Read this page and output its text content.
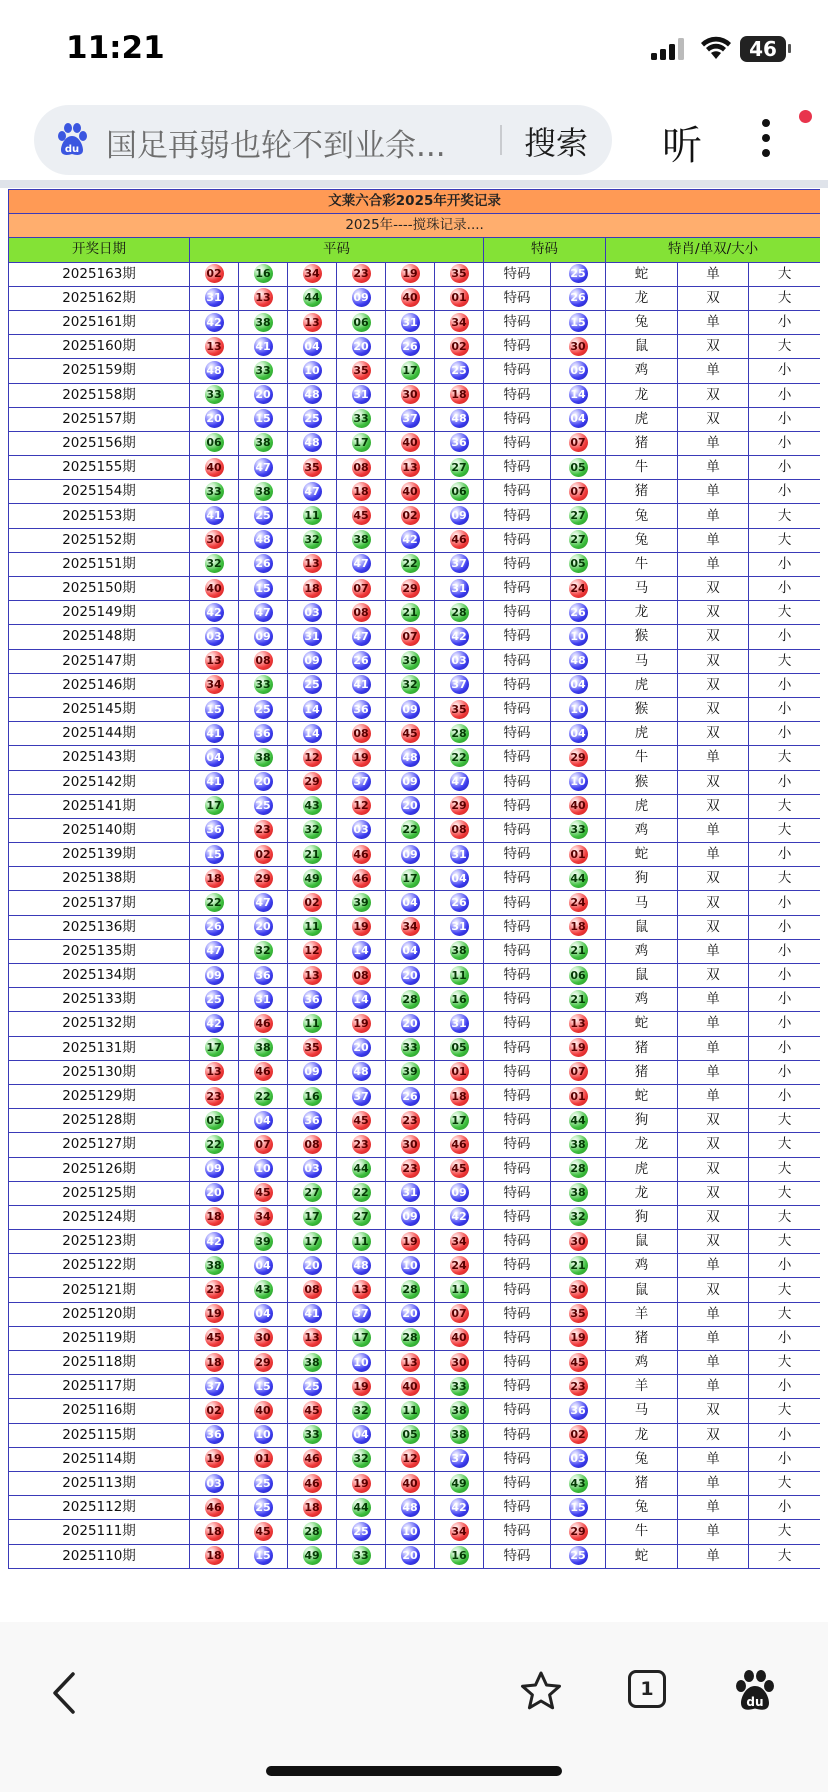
11:21	46
du 国足再弱也轮不到业余... 搜索 听
文莱六合彩2025年开奖记录											
2025年----搅珠记录....											
开奖日期	平码						特码		特肖/单双/大小		
2025163期	02	16	34	23	19	35	特码	25	蛇	单	大
2025162期	31	13	44	09	40	01	特码	26	龙	双	大
2025161期	42	38	13	06	31	34	特码	15	兔	单	小
2025160期	13	41	04	20	26	02	特码	30	鼠	双	大
2025159期	48	33	10	35	17	25	特码	09	鸡	单	小
2025158期	33	20	48	31	30	18	特码	14	龙	双	小
2025157期	20	15	25	33	37	48	特码	04	虎	双	小
2025156期	06	38	48	17	40	36	特码	07	猪	单	小
2025155期	40	47	35	08	13	27	特码	05	牛	单	小
2025154期	33	38	47	18	40	06	特码	07	猪	单	小
2025153期	41	25	11	45	02	09	特码	27	兔	单	大
2025152期	30	48	32	38	42	46	特码	27	兔	单	大
2025151期	32	26	13	47	22	37	特码	05	牛	单	小
2025150期	40	15	18	07	29	31	特码	24	马	双	小
2025149期	42	47	03	08	21	28	特码	26	龙	双	大
2025148期	03	09	31	47	07	42	特码	10	猴	双	小
2025147期	13	08	09	26	39	03	特码	48	马	双	大
2025146期	34	33	25	41	32	37	特码	04	虎	双	小
2025145期	15	25	14	36	09	35	特码	10	猴	双	小
2025144期	41	36	14	08	45	28	特码	04	虎	双	小
2025143期	04	38	12	19	48	22	特码	29	牛	单	大
2025142期	41	20	29	37	09	47	特码	10	猴	双	小
2025141期	17	25	43	12	20	29	特码	40	虎	双	大
2025140期	36	23	32	03	22	08	特码	33	鸡	单	大
2025139期	15	02	21	46	09	31	特码	01	蛇	单	小
2025138期	18	29	49	46	17	04	特码	44	狗	双	大
2025137期	22	47	02	39	04	26	特码	24	马	双	小
2025136期	26	20	11	19	34	31	特码	18	鼠	双	小
2025135期	47	32	12	14	04	38	特码	21	鸡	单	小
2025134期	09	36	13	08	20	11	特码	06	鼠	双	小
2025133期	25	31	36	14	28	16	特码	21	鸡	单	小
2025132期	42	46	11	19	20	31	特码	13	蛇	单	小
2025131期	17	38	35	20	33	05	特码	19	猪	单	小
2025130期	13	46	09	48	39	01	特码	07	猪	单	小
2025129期	23	22	16	37	26	18	特码	01	蛇	单	小
2025128期	05	04	36	45	23	17	特码	44	狗	双	大
2025127期	22	07	08	23	30	46	特码	38	龙	双	大
2025126期	09	10	03	44	23	45	特码	28	虎	双	大
2025125期	20	45	27	22	31	09	特码	38	龙	双	大
2025124期	18	34	17	27	09	42	特码	32	狗	双	大
2025123期	42	39	17	11	19	34	特码	30	鼠	双	大
2025122期	38	04	20	48	10	24	特码	21	鸡	单	小
2025121期	23	43	08	13	28	11	特码	30	鼠	双	大
2025120期	19	04	41	37	20	07	特码	35	羊	单	大
2025119期	45	30	13	17	28	40	特码	19	猪	单	小
2025118期	18	29	38	10	13	30	特码	45	鸡	单	大
2025117期	37	15	25	19	40	33	特码	23	羊	单	小
2025116期	02	40	45	32	11	38	特码	36	马	双	大
2025115期	36	10	33	04	05	38	特码	02	龙	双	小
2025114期	19	01	46	32	12	37	特码	03	兔	单	小
2025113期	03	25	46	19	40	49	特码	43	猪	单	大
2025112期	46	25	18	44	48	42	特码	15	兔	单	小
2025111期	18	45	28	25	10	34	特码	29	牛	单	大
2025110期	18	15	49	33	20	16	特码	25	蛇	单	大
1
du
